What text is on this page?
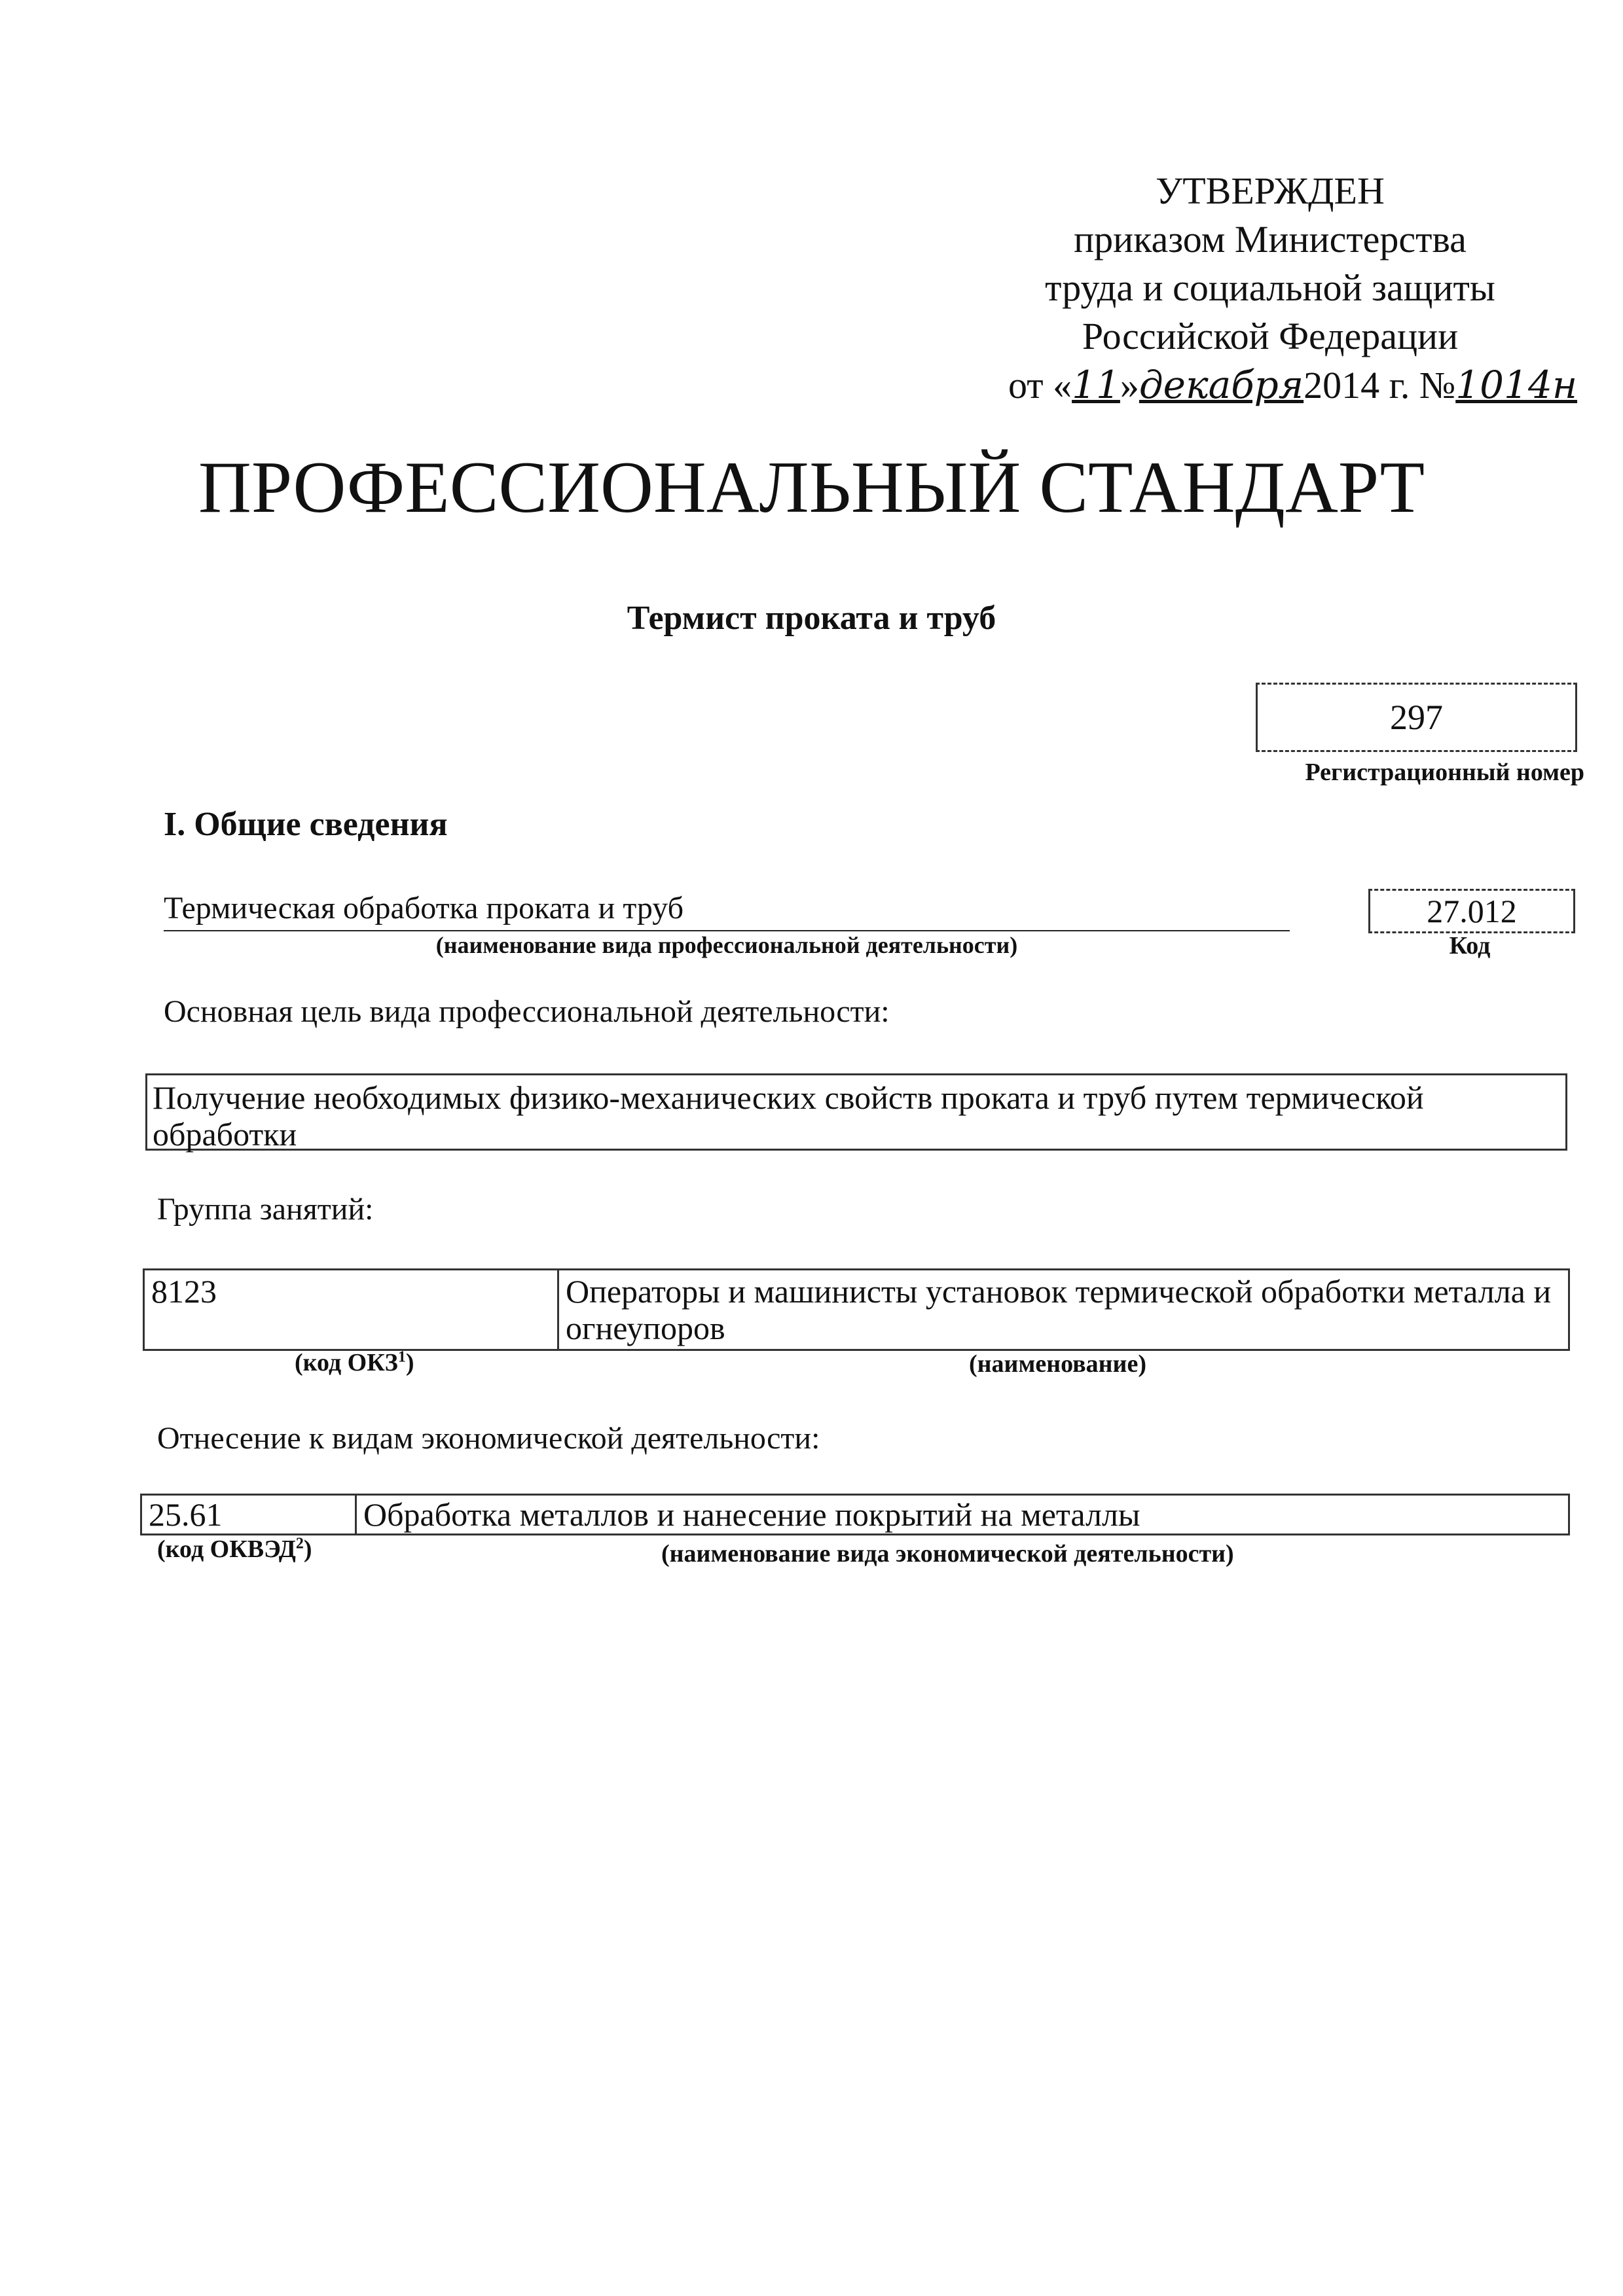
УТВЕРЖДЕН
приказом Министерства
труда и социальной защиты
Российской Федерации
от «11»декабря2014 г. №1014н
ПРОФЕССИОНАЛЬНЫЙ СТАНДАРТ
Термист проката и труб
297
Регистрационный номер
I. Общие сведения
Термическая обработка проката и труб
(наименование вида профессиональной деятельности)
27.012
Код
Основная цель вида профессиональной деятельности:
Получение необходимых физико-механических свойств проката и труб путем термической обработки
Группа занятий:
8123	Операторы и машинисты установок термической обработки металла и огнеупоров
(код ОКЗ$^1$)	(наименование)
Отнесение к видам экономической деятельности:
25.61	Обработка металлов и нанесение покрытий на металлы
(код ОКВЭД$^2$)	(наименование вида экономической деятельности)
